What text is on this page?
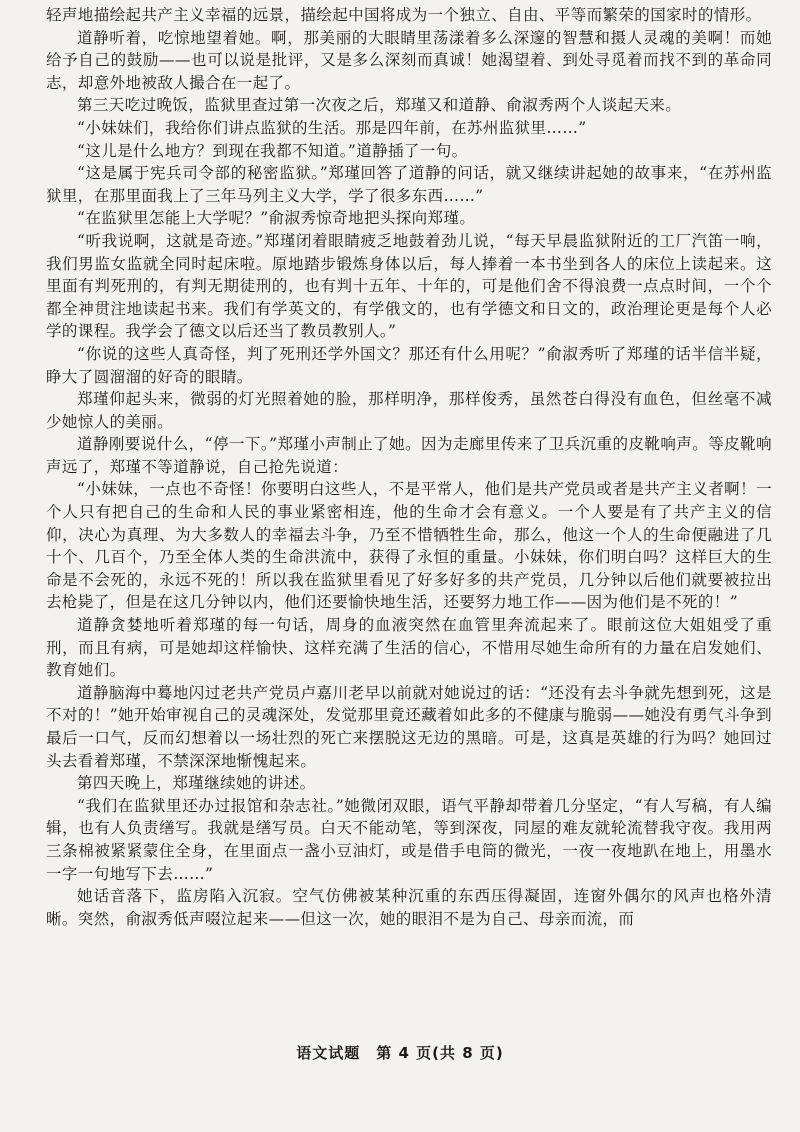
轻声地描绘起共产主义幸福的远景，描绘起中国将成为一个独立、自由、平等而繁荣的国家时的情形。

道静听着，吃惊地望着她。啊，那美丽的大眼睛里荡漾着多么深邃的智慧和摄人灵魂的美啊！而她给予自己的鼓励——也可以说是批评，又是多么深刻而真诚！她渴望着、到处寻觅着而找不到的革命同志，却意外地被敌人撮合在一起了。

第三天吃过晚饭，监狱里查过第一次夜之后，郑瑾又和道静、俞淑秀两个人谈起天来。

“小妹妹们，我给你们讲点监狱的生活。那是四年前，在苏州监狱里……”

“这儿是什么地方？到现在我都不知道。”道静插了一句。

“这是属于宪兵司令部的秘密监狱。”郑瑾回答了道静的问话，就又继续讲起她的故事来，“在苏州监狱里，在那里面我上了三年马列主义大学，学了很多东西……”

“在监狱里怎能上大学呢？”俞淑秀惊奇地把头探向郑瑾。

“听我说啊，这就是奇迹。”郑瑾闭着眼睛疲乏地鼓着劲儿说，“每天早晨监狱附近的工厂汽笛一响，我们男监女监就全同时起床啦。原地踏步锻炼身体以后，每人捧着一本书坐到各人的床位上读起来。这里面有判死刑的，有判无期徒刑的，也有判十五年、十年的，可是他们舍不得浪费一点点时间，一个个都全神贯注地读起书来。我们有学英文的，有学俄文的，也有学德文和日文的，政治理论更是每个人必学的课程。我学会了德文以后还当了教员教别人。”

“你说的这些人真奇怪，判了死刑还学外国文？那还有什么用呢？”俞淑秀听了郑瑾的话半信半疑，睁大了圆溜溜的好奇的眼睛。

郑瑾仰起头来，微弱的灯光照着她的脸，那样明净，那样俊秀，虽然苍白得没有血色，但丝毫不减少她惊人的美丽。

道静刚要说什么，“停一下。”郑瑾小声制止了她。因为走廊里传来了卫兵沉重的皮靴响声。等皮靴响声远了，郑瑾不等道静说，自己抢先说道：

“小妹妹，一点也不奇怪！你要明白这些人，不是平常人，他们是共产党员或者是共产主义者啊！一个人只有把自己的生命和人民的事业紧密相连，他的生命才会有意义。一个人要是有了共产主义的信仰，决心为真理、为大多数人的幸福去斗争，乃至不惜牺牲生命，那么，他这一个人的生命便融进了几十个、几百个，乃至全体人类的生命洪流中，获得了永恒的重量。小妹妹，你们明白吗？这样巨大的生命是不会死的，永远不死的！所以我在监狱里看见了好多好多的共产党员，几分钟以后他们就要被拉出去枪毙了，但是在这几分钟以内，他们还要愉快地生活，还要努力地工作——因为他们是不死的！”

道静贪婪地听着郑瑾的每一句话，周身的血液突然在血管里奔流起来了。眼前这位大姐姐受了重刑，而且有病，可是她却这样愉快、这样充满了生活的信心，不惜用尽她生命所有的力量在启发她们、教育她们。

道静脑海中蓦地闪过老共产党员卢嘉川老早以前就对她说过的话：“还没有去斗争就先想到死，这是不对的！”她开始审视自己的灵魂深处，发觉那里竟还藏着如此多的不健康与脆弱——她没有勇气斗争到最后一口气，反而幻想着以一场壮烈的死亡来摆脱这无边的黑暗。可是，这真是英雄的行为吗？她回过头去看着郑瑾，不禁深深地惭愧起来。

第四天晚上，郑瑾继续她的讲述。

“我们在监狱里还办过报馆和杂志社。”她微闭双眼，语气平静却带着几分坚定，“有人写稿，有人编辑，也有人负责缮写。我就是缮写员。白天不能动笔，等到深夜，同屋的难友就轮流替我守夜。我用两三条棉被紧紧蒙住全身，在里面点一盏小豆油灯，或是借手电筒的微光，一夜一夜地趴在地上，用墨水一字一句地写下去……”

她话音落下，监房陷入沉寂。空气仿佛被某种沉重的东西压得凝固，连窗外偶尔的风声也格外清晰。突然，俞淑秀低声啜泣起来——但这一次，她的眼泪不是为自己、母亲而流，而

语文试题　第 4 页(共 8 页)
